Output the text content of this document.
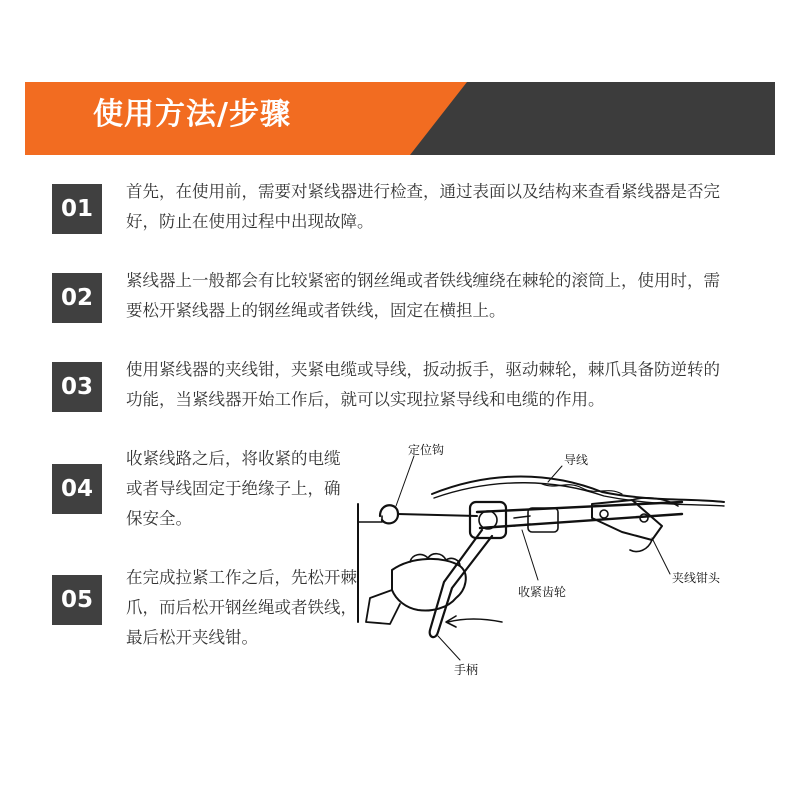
使用方法/步骤
01
首先，在使用前，需要对紧线器进行检查，通过表面以及结构来查看紧线器是否完好，防止在使用过程中出现故障。
02
紧线器上一般都会有比较紧密的钢丝绳或者铁线缠绕在棘轮的滚筒上，使用时，需要松开紧线器上的钢丝绳或者铁线，固定在横担上。
03
使用紧线器的夹线钳，夹紧电缆或导线，扳动扳手，驱动棘轮，棘爪具备防逆转的功能，当紧线器开始工作后，就可以实现拉紧导线和电缆的作用。
04
收紧线路之后，将收紧的电缆或者导线固定于绝缘子上，确保安全。
05
在完成拉紧工作之后，先松开棘爪，而后松开钢丝绳或者铁线，最后松开夹线钳。
定位钩
导线
夹线钳头
收紧齿轮
手柄
